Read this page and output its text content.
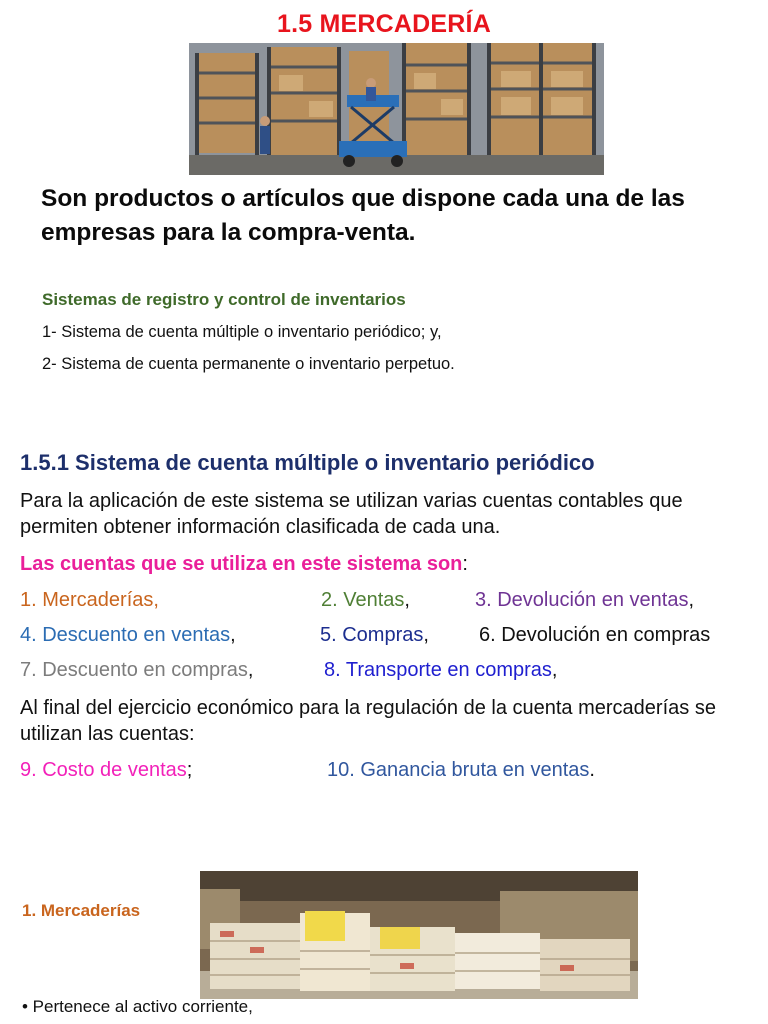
1.5 MERCADERÍA
Son productos o artículos que dispone cada una de las empresas para la compra-venta.
Sistemas de registro y control de inventarios
1- Sistema de cuenta múltiple o inventario periódico; y,
2- Sistema de cuenta permanente o inventario perpetuo.
1.5.1 Sistema de cuenta múltiple o inventario periódico
Para la aplicación de este sistema se utilizan varias cuentas contables que permiten obtener información clasificada de cada una.
Las cuentas que se utiliza en este sistema son:
1. Mercaderías,	2. Ventas,	3. Devolución en ventas,
4. Descuento en ventas,	5. Compras,	6. Devolución en compras
7. Descuento en compras,	8. Transporte en compras,
Al final del ejercicio económico para la regulación de la cuenta mercaderías se utilizan las cuentas:
9. Costo de ventas;	10. Ganancia bruta en ventas.
1. Mercaderías
• Pertenece al activo corriente,
